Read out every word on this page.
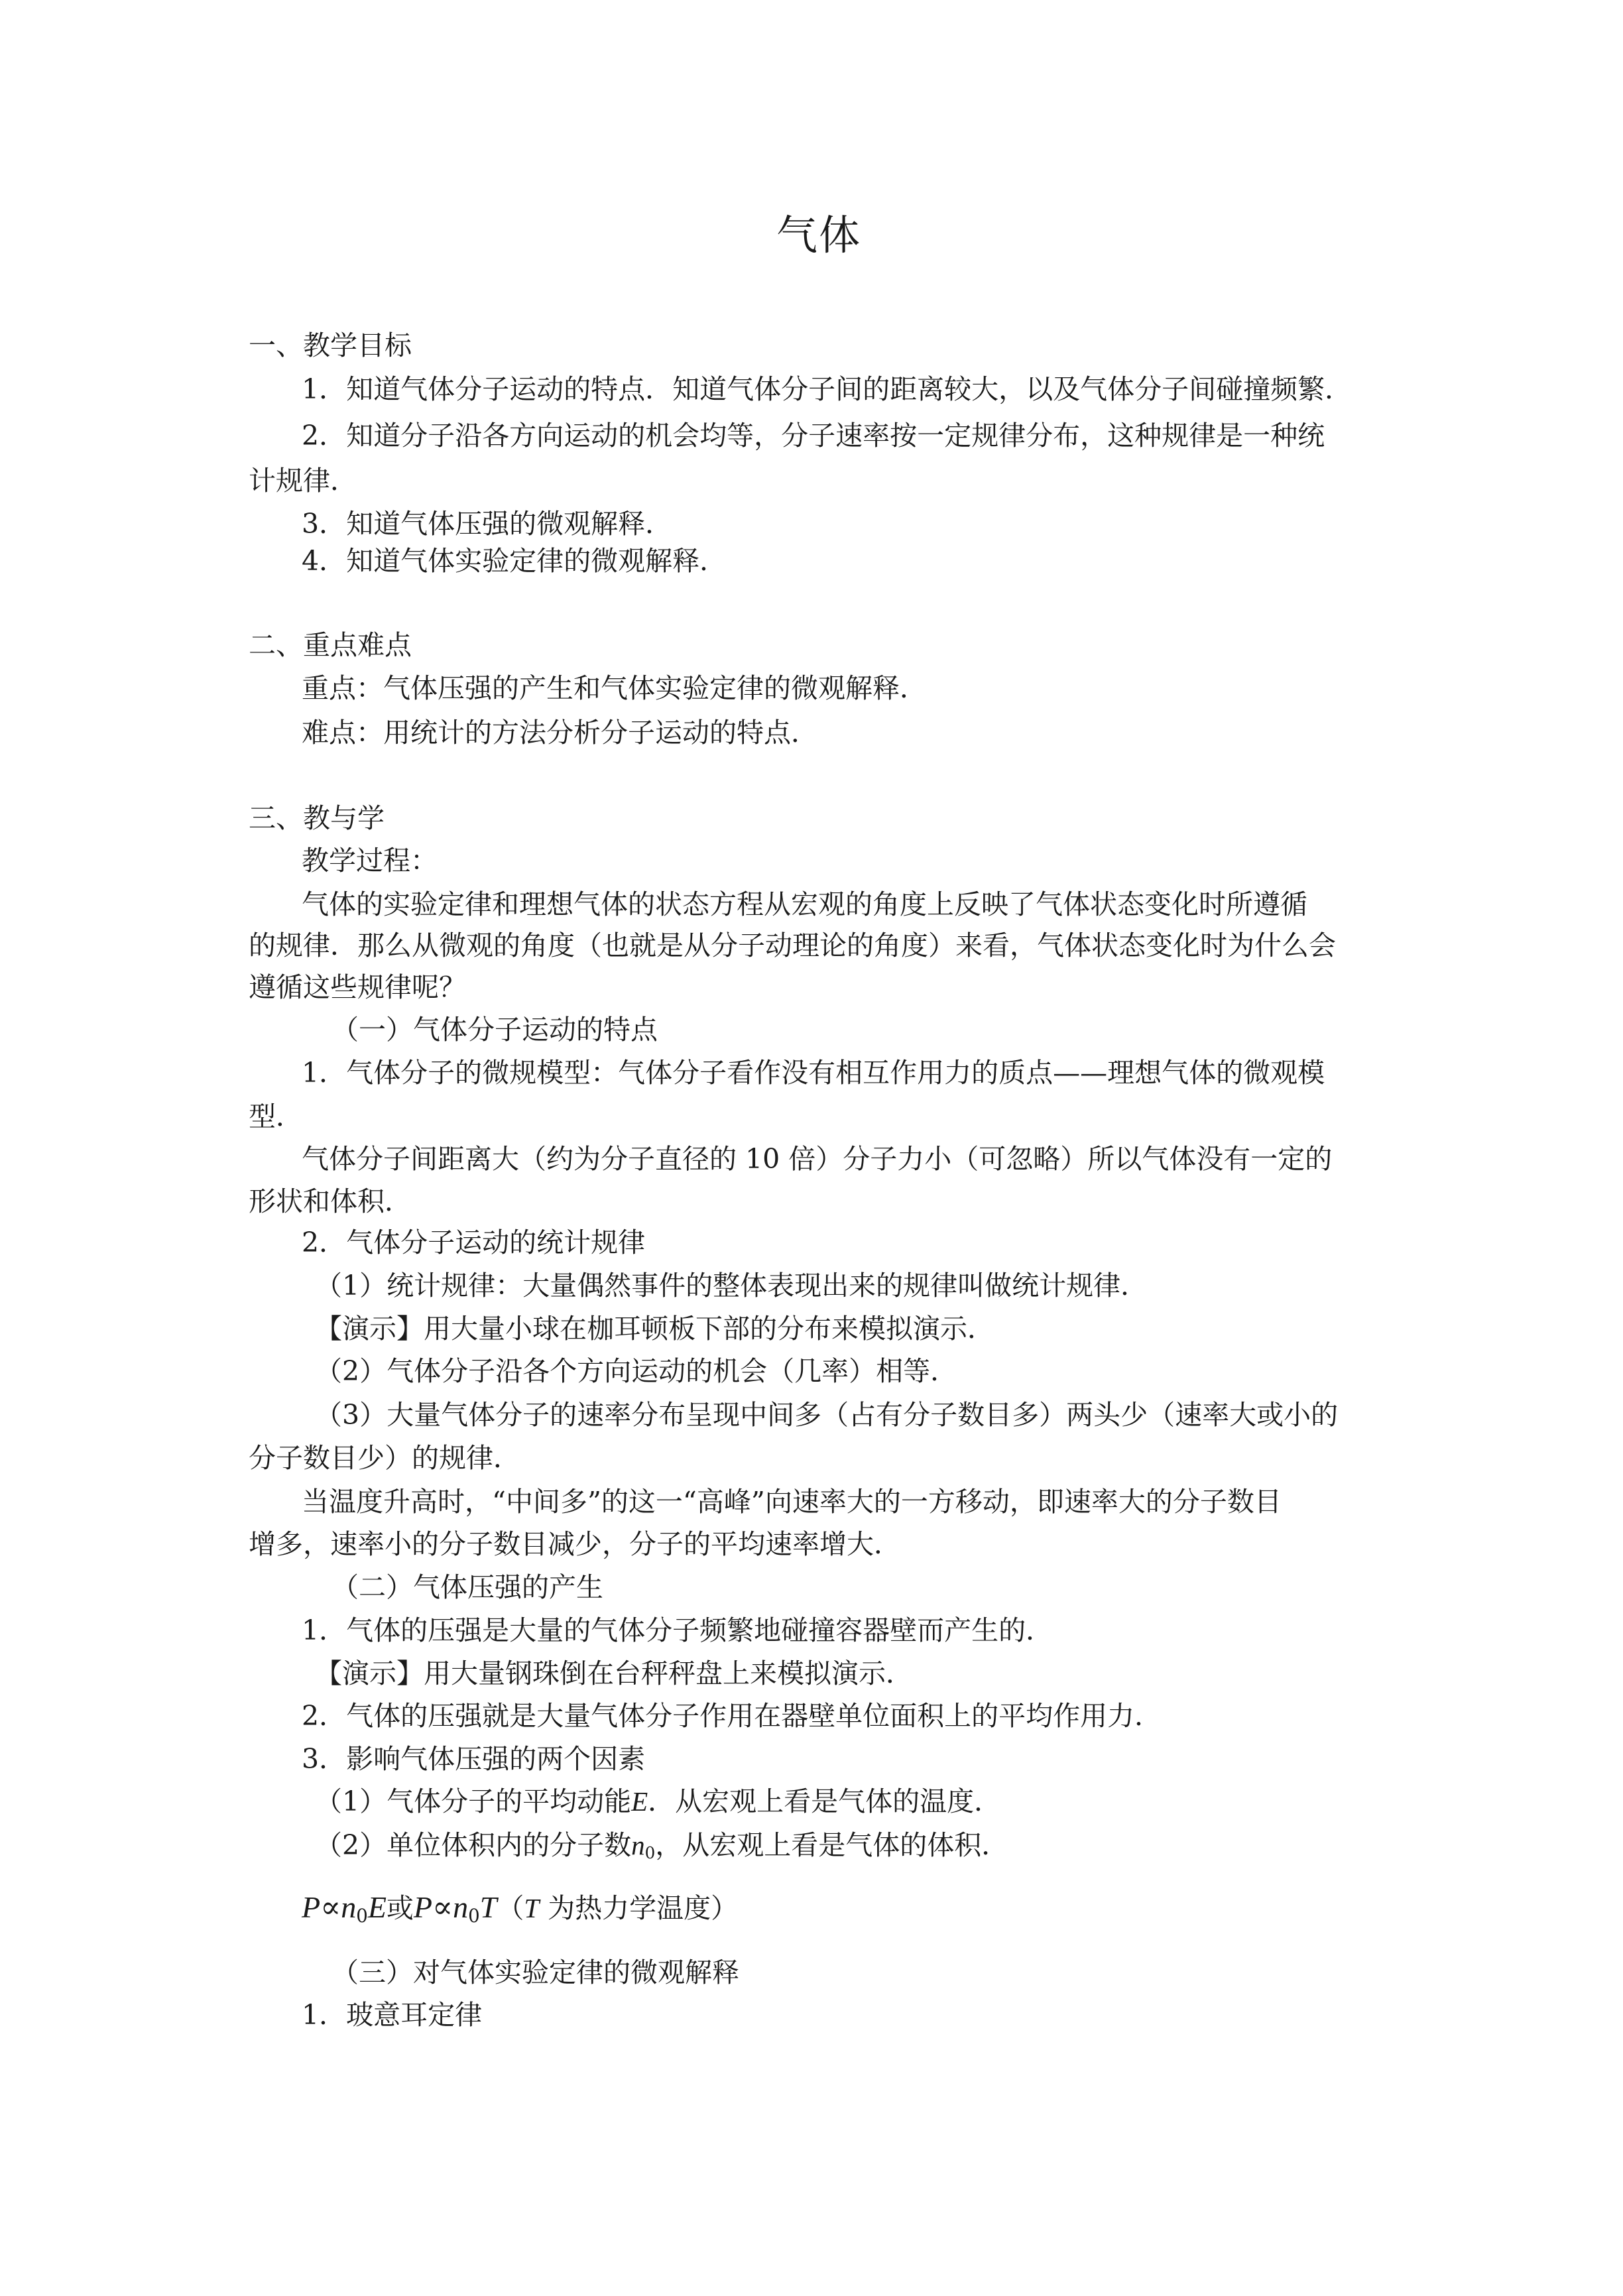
气体
一、教学目标
1．知道气体分子运动的特点．知道气体分子间的距离较大，以及气体分子间碰撞频繁．
2．知道分子沿各方向运动的机会均等，分子速率按一定规律分布，这种规律是一种统
计规律．
3．知道气体压强的微观解释．
4．知道气体实验定律的微观解释．
二、重点难点
重点：气体压强的产生和气体实验定律的微观解释．
难点：用统计的方法分析分子运动的特点．
三、教与学
教学过程：
气体的实验定律和理想气体的状态方程从宏观的角度上反映了气体状态变化时所遵循
的规律．那么从微观的角度（也就是从分子动理论的角度）来看，气体状态变化时为什么会
遵循这些规律呢？
（一）气体分子运动的特点
1．气体分子的微规模型：气体分子看作没有相互作用力的质点——理想气体的微观模
型．
气体分子间距离大（约为分子直径的 10 倍）分子力小（可忽略）所以气体没有一定的
形状和体积．
2．气体分子运动的统计规律
（1）统计规律：大量偶然事件的整体表现出来的规律叫做统计规律．
【演示】用大量小球在枷耳顿板下部的分布来模拟演示．
（2）气体分子沿各个方向运动的机会（几率）相等．
（3）大量气体分子的速率分布呈现中间多（占有分子数目多）两头少（速率大或小的
分子数目少）的规律．
当温度升高时，“中间多”的这一“高峰”向速率大的一方移动，即速率大的分子数目
增多，速率小的分子数目减少，分子的平均速率增大．
（二）气体压强的产生
1．气体的压强是大量的气体分子频繁地碰撞容器壁而产生的．
【演示】用大量钢珠倒在台秤秤盘上来模拟演示．
2．气体的压强就是大量气体分子作用在器壁单位面积上的平均作用力．
3．影响气体压强的两个因素
（1）气体分子的平均动能E．从宏观上看是气体的温度．
（2）单位体积内的分子数$n_0$，从宏观上看是气体的体积．
$P\propto n_0E$或$P\propto n_0T(T$ 为热力学温度）
（三）对气体实验定律的微观解释
1．玻意耳定律
